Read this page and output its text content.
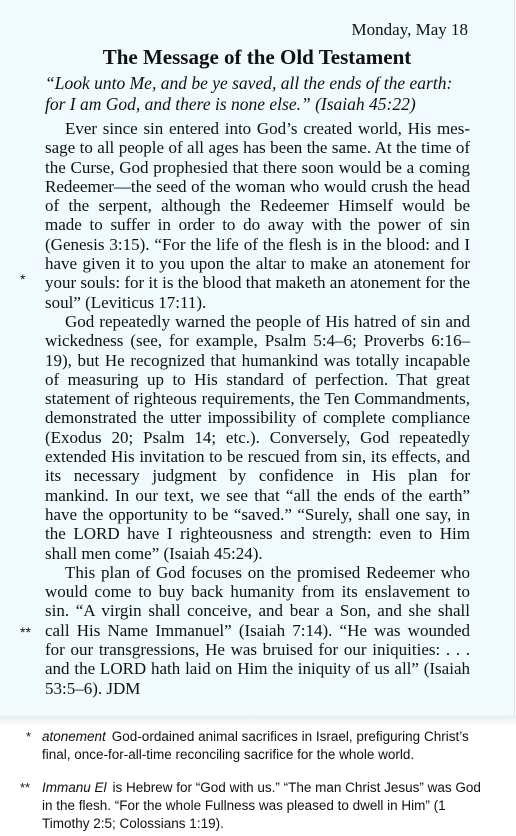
Monday, May 18
The Message of the Old Testament

“Look unto Me, and be ye saved, all the ends of the earth: for I am God, and there is none else.” (Isaiah 45:22)

Ever since sin entered into God’s created world, His message to all people of all ages has been the same. At the time of the Curse, God prophesied that there soon would be a coming Redeemer—the seed of the woman who would crush the head of the serpent, although the Redeemer Himself would be made to suffer in order to do away with the power of sin (Genesis 3:15). “For the life of the flesh is in the blood: and I have given it to you upon the altar to make an atonement for your souls: for it is the blood that maketh an atonement for the soul” (Leviticus 17:11).

God repeatedly warned the people of His hatred of sin and wickedness (see, for example, Psalm 5:4–6; Proverbs 6:16–19), but He recognized that humankind was totally incapable of measuring up to His standard of perfection. That great statement of righteous requirements, the Ten Commandments, demonstrated the utter impossibility of complete compliance (Exodus 20; Psalm 14; etc.). Conversely, God repeatedly extended His invitation to be rescued from sin, its effects, and its necessary judgment by confidence in His plan for mankind. In our text, we see that “all the ends of the earth” have the opportunity to be “saved.” “Surely, shall one say, in the LORD have I righteousness and strength: even to Him shall men come” (Isaiah 45:24).

This plan of God focuses on the promised Redeemer who would come to buy back humanity from its enslavement to sin. “A virgin shall conceive, and bear a Son, and she shall call His Name Immanuel” (Isaiah 7:14). “He was wounded for our transgressions, He was bruised for our iniquities: . . . and the LORD hath laid on Him the iniquity of us all” (Isaiah 53:5–6). JDM

*
**
* atonement God-ordained animal sacrifices in Israel, prefiguring Christ’s final, once-for-all-time reconciling sacrifice for the whole world.
** Immanu El is Hebrew for “God with us.” “The man Christ Jesus” was God in the flesh. “For the whole Fullness was pleased to dwell in Him” (1 Timothy 2:5; Colossians 1:19).
